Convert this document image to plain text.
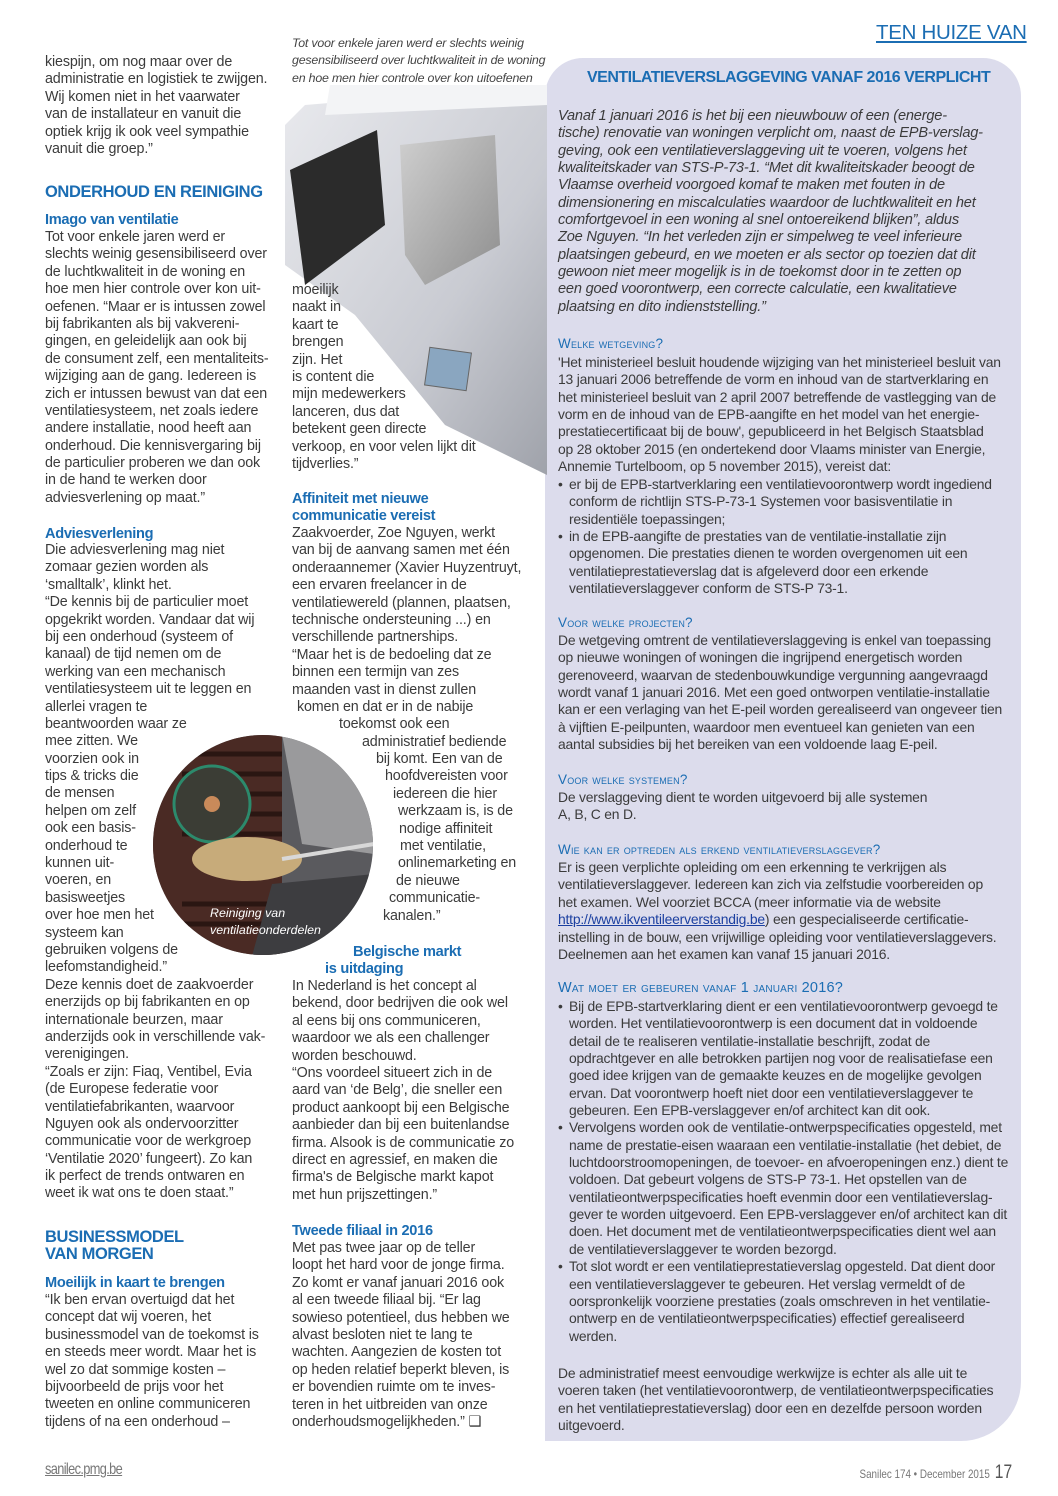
TEN HUIZE VAN
VENTILATIEVERSLAGGEVING VANAF 2016 VERPLICHT
Tot voor enkele jaren werd er slechts weinig
gesensibiliseerd over luchtkwaliteit in de woning
en hoe men hier controle over kon uitoefenen
Reiniging van
ventilatieonderdelen
kiespijn, om nog maar over de
administratie en logistiek te zwijgen.
Wij komen niet in het vaarwater
van de installateur en vanuit die
optiek krijg ik ook veel sympathie
vanuit die groep.”
ONDERHOUD EN REINIGING
Imago van ventilatie
Tot voor enkele jaren werd er
slechts weinig gesensibiliseerd over
de luchtkwaliteit in de woning en
hoe men hier controle over kon uit-
oefenen. “Maar er is intussen zowel
bij fabrikanten als bij vakvereni-
gingen, en geleidelijk aan ook bij
de consument zelf, een mentaliteits-
wijziging aan de gang. Iedereen is
zich er intussen bewust van dat een
ventilatiesysteem, net zoals iedere
andere installatie, nood heeft aan
onderhoud. Die kennisvergaring bij
de particulier proberen we dan ook
in de hand te werken door
adviesverlening op maat.”
Adviesverlening
Die adviesverlening mag niet
zomaar gezien worden als
‘smalltalk’, klinkt het.
“De kennis bij de particulier moet
opgekrikt worden. Vandaar dat wij
bij een onderhoud (systeem of
kanaal) de tijd nemen om de
werking van een mechanisch
ventilatiesysteem uit te leggen en
allerlei vragen te
beantwoorden waar ze
mee zitten. We
voorzien ook in
tips & tricks die
de mensen
helpen om zelf
ook een basis-
onderhoud te
kunnen uit-
voeren, en
basisweetjes
over hoe men het
systeem kan
gebruiken volgens de
leefomstandigheid.”
Deze kennis doet de zaakvoerder
enerzijds op bij fabrikanten en op
internationale beurzen, maar
anderzijds ook in verschillende vak-
verenigingen.
“Zoals er zijn: Fiaq, Ventibel, Evia
(de Europese federatie voor
ventilatiefabrikanten, waarvoor
Nguyen ook als ondervoorzitter
communicatie voor de werkgroep
‘Ventilatie 2020’ fungeert). Zo kan
ik perfect de trends ontwaren en
weet ik wat ons te doen staat.”
BUSINESSMODEL
VAN MORGEN
Moeilijk in kaart te brengen
“Ik ben ervan overtuigd dat het
concept dat wij voeren, het
businessmodel van de toekomst is
en steeds meer wordt. Maar het is
wel zo dat sommige kosten –
bijvoorbeeld de prijs voor het
tweeten en online communiceren
tijdens of na een onderhoud –
moeilijk
naakt in
kaart te
brengen
zijn. Het
is content die
mijn medewerkers
lanceren, dus dat
betekent geen directe
verkoop, en voor velen lijkt dit
tijdverlies.”
Affiniteit met nieuwe
communicatie vereist
Zaakvoerder, Zoe Nguyen, werkt
van bij de aanvang samen met één
onderaannemer (Xavier Huyzentruyt,
een ervaren freelancer in de
ventilatiewereld (plannen, plaatsen,
technische ondersteuning ...) en
verschillende partnerships.
“Maar het is de bedoeling dat ze
binnen een termijn van zes
maanden vast in dienst zullen
komen en dat er in de nabije
toekomst ook een
administratief bediende
bij komt. Een van de
hoofdvereisten voor
iedereen die hier
werkzaam is, is de
nodige affiniteit
met ventilatie,
onlinemarketing en
de nieuwe
communicatie-
kanalen.”
Belgische markt
is uitdaging
In Nederland is het concept al
bekend, door bedrijven die ook wel
al eens bij ons communiceren,
waardoor we als een challenger
worden beschouwd.
“Ons voordeel situeert zich in de
aard van ‘de Belg’, die sneller een
product aankoopt bij een Belgische
aanbieder dan bij een buitenlandse
firma. Alsook is de communicatie zo
direct en agressief, en maken die
firma's de Belgische markt kapot
met hun prijszettingen.”
Tweede filiaal in 2016
Met pas twee jaar op de teller
loopt het hard voor de jonge firma.
Zo komt er vanaf januari 2016 ook
al een tweede filiaal bij. “Er lag
sowieso potentieel, dus hebben we
alvast besloten niet te lang te
wachten. Aangezien de kosten tot
op heden relatief beperkt bleven, is
er bovendien ruimte om te inves-
teren in het uitbreiden van onze
onderhoudsmogelijkheden.” ❑
Vanaf 1 januari 2016 is het bij een nieuwbouw of een (energe-
tische) renovatie van woningen verplicht om, naast de EPB-verslag-
geving, ook een ventilatieverslaggeving uit te voeren, volgens het
kwaliteitskader van STS-P-73-1. “Met dit kwaliteitskader beoogt de
Vlaamse overheid voorgoed komaf te maken met fouten in de
dimensionering en miscalculaties waardoor de luchtkwaliteit en het
comfortgevoel in een woning al snel ontoereikend blijken”, aldus
Zoe Nguyen. “In het verleden zijn er simpelweg te veel inferieure
plaatsingen gebeurd, en we moeten er als sector op toezien dat dit
gewoon niet meer mogelijk is in de toekomst door in te zetten op
een goed voorontwerp, een correcte calculatie, een kwalitatieve
plaatsing en dito indienststelling.”
Welke wetgeving?
'Het ministerieel besluit houdende wijziging van het ministerieel besluit van
13 januari 2006 betreffende de vorm en inhoud van de startverklaring en
het ministerieel besluit van 2 april 2007 betreffende de vastlegging van de
vorm en de inhoud van de EPB-aangifte en het model van het energie-
prestatiecertificaat bij de bouw', gepubliceerd in het Belgisch Staatsblad
op 28 oktober 2015 (en ondertekend door Vlaams minister van Energie,
Annemie Turtelboom, op 5 november 2015), vereist dat:
• er bij de EPB-startverklaring een ventilatievoorontwerp wordt ingediend
conform de richtlijn STS-P-73-1 Systemen voor basisventilatie in
residentiële toepassingen;
• in de EPB-aangifte de prestaties van de ventilatie-installatie zijn
opgenomen. Die prestaties dienen te worden overgenomen uit een
ventilatieprestatieverslag dat is afgeleverd door een erkende
ventilatieverslaggever conform de STS-P 73-1.
Voor welke projecten?
De wetgeving omtrent de ventilatieverslaggeving is enkel van toepassing
op nieuwe woningen of woningen die ingrijpend energetisch worden
gerenoveerd, waarvan de stedenbouwkundige vergunning aangevraagd
wordt vanaf 1 januari 2016. Met een goed ontworpen ventilatie-installatie
kan er een verlaging van het E-peil worden gerealiseerd van ongeveer tien
à vijftien E-peilpunten, waardoor men eventueel kan genieten van een
aantal subsidies bij het bereiken van een voldoende laag E-peil.
Voor welke systemen?
De verslaggeving dient te worden uitgevoerd bij alle systemen
A, B, C en D.
Wie kan er optreden als erkend ventilatieverslaggever?
Er is geen verplichte opleiding om een erkenning te verkrijgen als
ventilatieverslaggever. Iedereen kan zich via zelfstudie voorbereiden op
het examen. Wel voorziet BCCA (meer informatie via de website
http://www.ikventileerverstandig.be) een gespecialiseerde certificatie-
instelling in de bouw, een vrijwillige opleiding voor ventilatieverslaggevers.
Deelnemen aan het examen kan vanaf 15 januari 2016.
Wat moet er gebeuren vanaf 1 januari 2016?
• Bij de EPB-startverklaring dient er een ventilatievoorontwerp gevoegd te
worden. Het ventilatievoorontwerp is een document dat in voldoende
detail de te realiseren ventilatie-installatie beschrijft, zodat de
opdrachtgever en alle betrokken partijen nog voor de realisatiefase een
goed idee krijgen van de gemaakte keuzes en de mogelijke gevolgen
ervan. Dat voorontwerp hoeft niet door een ventilatieverslaggever te
gebeuren. Een EPB-verslaggever en/of architect kan dit ook.
• Vervolgens worden ook de ventilatie-ontwerpspecificaties opgesteld, met
name de prestatie-eisen waaraan een ventilatie-installatie (het debiet, de
luchtdoorstroomopeningen, de toevoer- en afvoeropeningen enz.) dient te
voldoen. Dat gebeurt volgens de STS-P 73-1. Het opstellen van de
ventilatieontwerpspecificaties hoeft evenmin door een ventilatieverslag-
gever te worden uitgevoerd. Een EPB-verslaggever en/of architect kan dit
doen. Het document met de ventilatieontwerpspecificaties dient wel aan
de ventilatieverslaggever te worden bezorgd.
• Tot slot wordt er een ventilatieprestatieverslag opgesteld. Dat dient door
een ventilatieverslaggever te gebeuren. Het verslag vermeldt of de
oorspronkelijk voorziene prestaties (zoals omschreven in het ventilatie-
ontwerp en de ventilatieontwerpspecificaties) effectief gerealiseerd
werden.
De administratief meest eenvoudige werkwijze is echter als alle uit te
voeren taken (het ventilatievoorontwerp, de ventilatieontwerpspecificaties
en het ventilatieprestatieverslag) door een en dezelfde persoon worden
uitgevoerd.
sanilec.pmg.be	Sanilec 174 • December 2015 17
